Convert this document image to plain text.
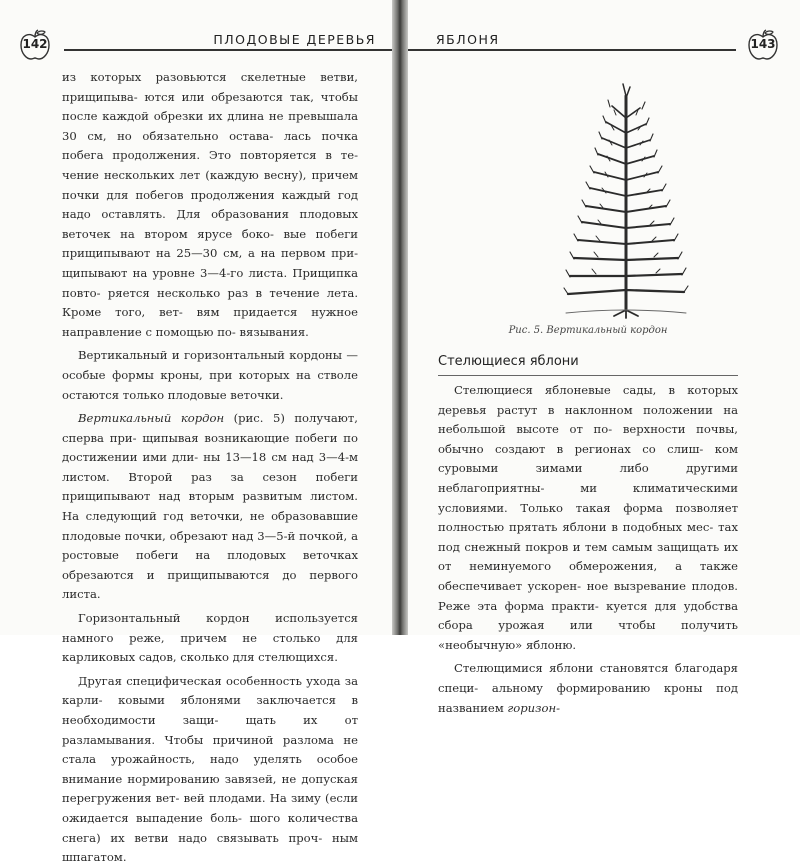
142	ПЛОДОВЫЕ ДЕРЕВЬЯ

из которых разовьются скелетные ветви, прищипыва- ются или обрезаются так, чтобы после каждой обрезки их длина не превышала 30 см, но обязательно остава- лась почка побега продолжения. Это повторяется в те- чение нескольких лет (каждую весну), причем почки для побегов продолжения каждый год надо оставлять. Для образования плодовых веточек на втором ярусе боко- вые побеги прищипывают на 25—30 см, а на первом при- щипывают на уровне 3—4-го листа. Прищипка повто- ряется несколько раз в течение лета. Кроме того, вет- вям придается нужное направление с помощью по- вязывания.

Вертикальный и горизонтальный кордоны — особые формы кроны, при которых на стволе остаются только плодовые веточки.

Вертикальный кордон (рис. 5) получают, сперва при- щипывая возникающие побеги по достижении ими дли- ны 13—18 см над 3—4-м листом. Второй раз за сезон побеги прищипывают над вторым развитым листом. На следующий год веточки, не образовавшие плодовые почки, обрезают над 3—5-й почкой, а ростовые побеги на плодовых веточках обрезаются и прищипываются до первого листа.

Горизонтальный кордон используется намного реже, причем не столько для карликовых садов, сколько для стелющихся.

Другая специфическая особенность ухода за карли- ковыми яблонями заключается в необходимости защи- щать их от разламывания. Чтобы причиной разлома не стала урожайность, надо уделять особое внимание нормированию завязей, не допуская перегружения вет- вей плодами. На зиму (если ожидается выпадение боль- шого количества снега) их ветви надо связывать проч- ным шпагатом.

ЯБЛОНЯ	143
Рис. 5. Вертикальный кордон
Стелющиеся яблони

Стелющиеся яблоневые сады, в которых деревья растут в наклонном положении на небольшой высоте от по- верхности почвы, обычно создают в регионах со слиш- ком суровыми зимами либо другими неблагоприятны-	ми климатическими условиями. Только такая форма позволяет полностью прятать яблони в подобных мес- тах под снежный покров и тем самым защищать их от неминуемого обмерожения, а также обеспечивает ускорен- ное вызревание плодов. Реже эта форма практи- куется для удобства сбора урожая или чтобы получить «необычную» яблоню.

Стелющимися яблони становятся благодаря специ- альному формированию кроны под названием горизон-
